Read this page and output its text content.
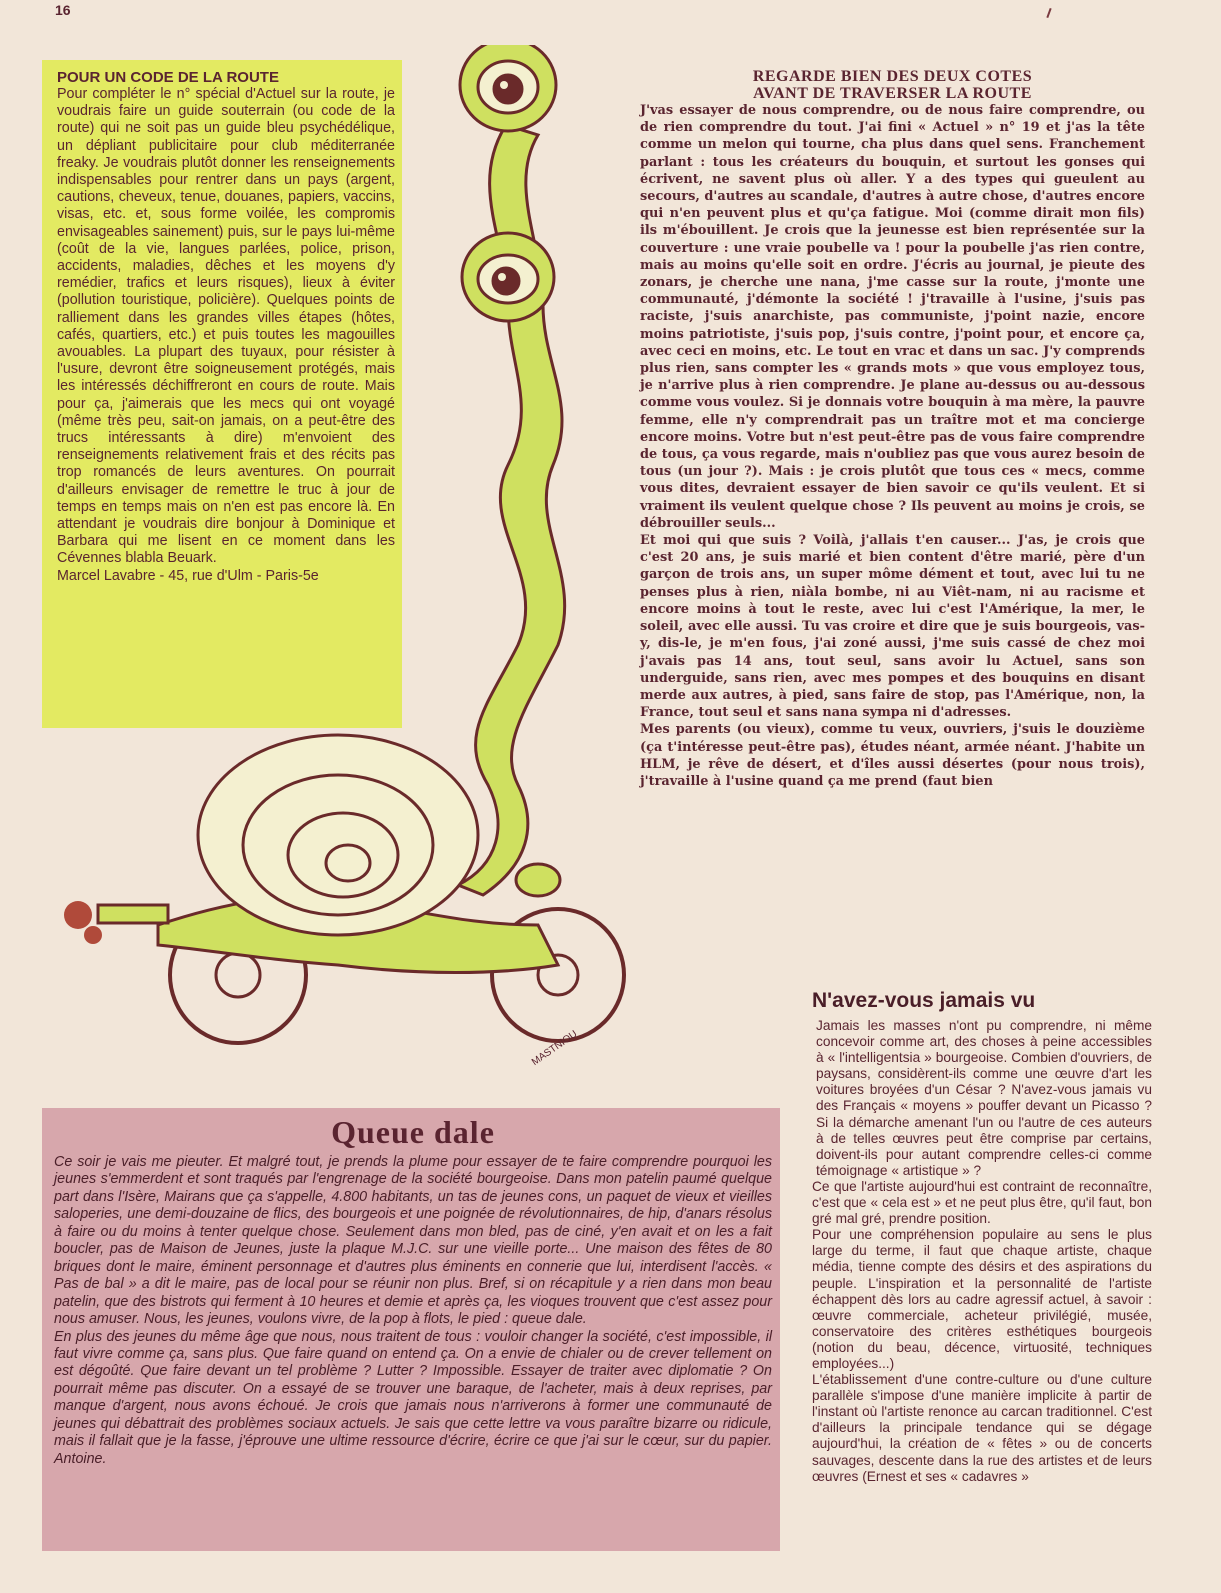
16
POUR UN CODE DE LA ROUTE

Pour compléter le n° spécial d'Actuel sur la route, je voudrais faire un guide souterrain (ou code de la route) qui ne soit pas un guide bleu psychédélique, un dépliant publicitaire pour club méditerranée freaky. Je voudrais plutôt donner les renseignements indispensables pour rentrer dans un pays (argent, cautions, cheveux, tenue, douanes, papiers, vaccins, visas, etc. et, sous forme voilée, les compromis envisageables sainement) puis, sur le pays lui-même (coût de la vie, langues parlées, police, prison, accidents, maladies, dêches et les moyens d'y remédier, trafics et leurs risques), lieux à éviter (pollution touristique, policière). Quelques points de ralliement dans les grandes villes étapes (hôtes, cafés, quartiers, etc.) et puis toutes les magouilles avouables. La plupart des tuyaux, pour résister à l'usure, devront être soigneusement protégés, mais les intéressés déchiffreront en cours de route. Mais pour ça, j'aimerais que les mecs qui ont voyagé (même très peu, sait-on jamais, on a peut-être des trucs intéressants à dire) m'envoient des renseignements relativement frais et des récits pas trop romancés de leurs aventures. On pourrait d'ailleurs envisager de remettre le truc à jour de temps en temps mais on n'en est pas encore là. En attendant je voudrais dire bonjour à Dominique et Barbara qui me lisent en ce moment dans les Cévennes blabla Beuark.

Marcel Lavabre - 45, rue d'Ulm - Paris-5e
MASTNIOU
REGARDE BIEN DES DEUX COTES
AVANT DE TRAVERSER LA ROUTE

J'vas essayer de nous comprendre, ou de nous faire comprendre, ou de rien comprendre du tout. J'ai fini « Actuel » n° 19 et j'as la tête comme un melon qui tourne, cha plus dans quel sens. Franchement parlant : tous les créateurs du bouquin, et surtout les gonses qui écrivent, ne savent plus où aller. Y a des types qui gueulent au secours, d'autres au scandale, d'autres à autre chose, d'autres encore qui n'en peuvent plus et qu'ça fatigue. Moi (comme dirait mon fils) ils m'ébouillent. Je crois que la jeunesse est bien représentée sur la couverture : une vraie poubelle va ! pour la poubelle j'as rien contre, mais au moins qu'elle soit en ordre. J'écris au journal, je pieute des zonars, je cherche une nana, j'me casse sur la route, j'monte une communauté, j'démonte la société ! j'travaille à l'usine, j'suis pas raciste, j'suis anarchiste, pas communiste, j'point nazie, encore moins patriotiste, j'suis pop, j'suis contre, j'point pour, et encore ça, avec ceci en moins, etc. Le tout en vrac et dans un sac. J'y comprends plus rien, sans compter les « grands mots » que vous employez tous, je n'arrive plus à rien comprendre. Je plane au-dessus ou au-dessous comme vous voulez. Si je donnais votre bouquin à ma mère, la pauvre femme, elle n'y comprendrait pas un traître mot et ma concierge encore moins. Votre but n'est peut-être pas de vous faire comprendre de tous, ça vous regarde, mais n'oubliez pas que vous aurez besoin de tous (un jour ?). Mais : je crois plutôt que tous ces « mecs, comme vous dites, devraient essayer de bien savoir ce qu'ils veulent. Et si vraiment ils veulent quelque chose ? Ils peuvent au moins je crois, se débrouiller seuls...

Et moi qui que suis ? Voilà, j'allais t'en causer... J'as, je crois que c'est 20 ans, je suis marié et bien content d'être marié, père d'un garçon de trois ans, un super môme dément et tout, avec lui tu ne penses plus à rien, niàla bombe, ni au Viêt-nam, ni au racisme et encore moins à tout le reste, avec lui c'est l'Amérique, la mer, le soleil, avec elle aussi. Tu vas croire et dire que je suis bourgeois, vas-y, dis-le, je m'en fous, j'ai zoné aussi, j'me suis cassé de chez moi j'avais pas 14 ans, tout seul, sans avoir lu Actuel, sans son underguide, sans rien, avec mes pompes et des bouquins en disant merde aux autres, à pied, sans faire de stop, pas l'Amérique, non, la France, tout seul et sans nana sympa ni d'adresses.

Mes parents (ou vieux), comme tu veux, ouvriers, j'suis le douzième (ça t'intéresse peut-être pas), études néant, armée néant. J'habite un HLM, je rêve de désert, et d'îles aussi désertes (pour nous trois), j'travaille à l'usine quand ça me prend (faut bien

Queue dale

Ce soir je vais me pieuter. Et malgré tout, je prends la plume pour essayer de te faire comprendre pourquoi les jeunes s'emmerdent et sont traqués par l'engrenage de la société bourgeoise. Dans mon patelin paumé quelque part dans l'Isère, Mairans que ça s'appelle, 4.800 habitants, un tas de jeunes cons, un paquet de vieux et vieilles saloperies, une demi-douzaine de flics, des bourgeois et une poignée de révolutionnaires, de hip, d'anars résolus à faire ou du moins à tenter quelque chose. Seulement dans mon bled, pas de ciné, y'en avait et on les a fait boucler, pas de Maison de Jeunes, juste la plaque M.J.C. sur une vieille porte... Une maison des fêtes de 80 briques dont le maire, éminent personnage et d'autres plus éminents en connerie que lui, interdisent l'accès. « Pas de bal » a dit le maire, pas de local pour se réunir non plus. Bref, si on récapitule y a rien dans mon beau patelin, que des bistrots qui ferment à 10 heures et demie et après ça, les vioques trouvent que c'est assez pour nous amuser. Nous, les jeunes, voulons vivre, de la pop à flots, le pied : queue dale.

En plus des jeunes du même âge que nous, nous traitent de tous : vouloir changer la société, c'est impossible, il faut vivre comme ça, sans plus. Que faire quand on entend ça. On a envie de chialer ou de crever tellement on est dégoûté. Que faire devant un tel problème ? Lutter ? Impossible. Essayer de traiter avec diplomatie ? On pourrait même pas discuter. On a essayé de se trouver une baraque, de l'acheter, mais à deux reprises, par manque d'argent, nous avons échoué. Je crois que jamais nous n'arriverons à former une communauté de jeunes qui débattrait des problèmes sociaux actuels. Je sais que cette lettre va vous paraître bizarre ou ridicule, mais il fallait que je la fasse, j'éprouve une ultime ressource d'écrire, écrire ce que j'ai sur le cœur, sur du papier. Antoine.

N'avez-vous jamais vu

Jamais les masses n'ont pu comprendre, ni même concevoir comme art, des choses à peine accessibles à « l'intelligentsia » bourgeoise. Combien d'ouvriers, de paysans, considèrent-ils comme une œuvre d'art les voitures broyées d'un César ? N'avez-vous jamais vu des Français « moyens » pouffer devant un Picasso ? Si la démarche amenant l'un ou l'autre de ces auteurs à de telles œuvres peut être comprise par certains, doivent-ils pour autant comprendre celles-ci comme témoignage « artistique » ?

Ce que l'artiste aujourd'hui est contraint de reconnaître, c'est que « cela est » et ne peut plus être, qu'il faut, bon gré mal gré, prendre position.

Pour une compréhension populaire au sens le plus large du terme, il faut que chaque artiste, chaque média, tienne compte des désirs et des aspirations du peuple. L'inspiration et la personnalité de l'artiste échappent dès lors au cadre agressif actuel, à savoir : œuvre commerciale, acheteur privilégié, musée, conservatoire des critères esthétiques bourgeois (notion du beau, décence, virtuosité, techniques employées...)

L'établissement d'une contre-culture ou d'une culture parallèle s'impose d'une manière implicite à partir de l'instant où l'artiste renonce au carcan traditionnel. C'est d'ailleurs la principale tendance qui se dégage aujourd'hui, la création de « fêtes » ou de concerts sauvages, descente dans la rue des artistes et de leurs œuvres (Ernest et ses « cadavres »
